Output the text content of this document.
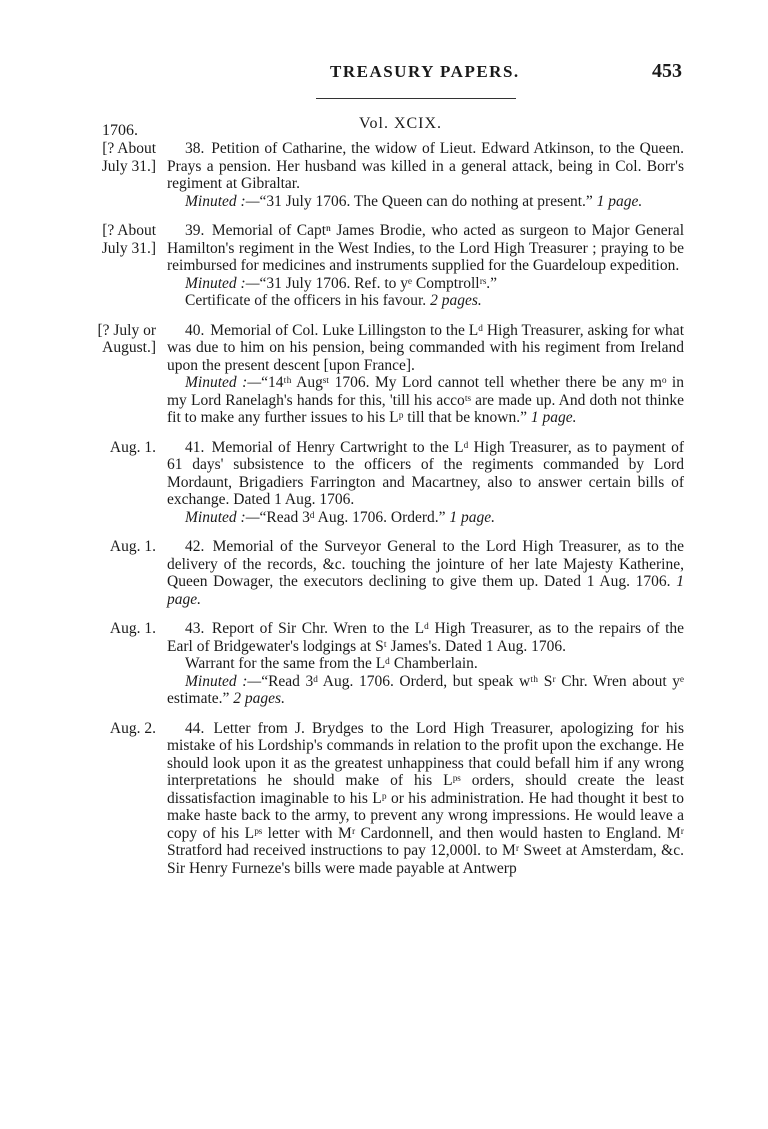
TREASURY PAPERS.	453
1706.	Vol. XCIX.
[? About July 31.]

38. Petition of Catharine, the widow of Lieut. Edward Atkinson, to the Queen. Prays a pension. Her husband was killed in a general attack, being in Col. Borr's regiment at Gibraltar.

Minuted :—“31 July 1706. The Queen can do nothing at present.” 1 page.

[? About July 31.]

39. Memorial of Captⁿ James Brodie, who acted as surgeon to Major General Hamilton's regiment in the West Indies, to the Lord High Treasurer ; praying to be reimbursed for medicines and instruments supplied for the Guardeloup expedition.

Minuted :—“31 July 1706. Ref. to yᵉ Comptrollʳˢ.”

Certificate of the officers in his favour. 2 pages.

[? July or August.]

40. Memorial of Col. Luke Lillingston to the Lᵈ High Treasurer, asking for what was due to him on his pension, being commanded with his regiment from Ireland upon the present descent [upon France].

Minuted :—“14ᵗʰ Augˢᵗ 1706. My Lord cannot tell whether there be any mᵒ in my Lord Ranelagh's hands for this, 'till his accoᵗˢ are made up. And doth not thinke fit to make any further issues to his Lᵖ till that be known.” 1 page.

Aug. 1.	41. Memorial of Henry Cartwright to the Lᵈ High Treasurer, as to payment of 61 days' subsistence to the officers of the regiments commanded by Lord Mordaunt, Brigadiers Farrington and Macartney, also to answer certain bills of exchange. Dated 1 Aug. 1706.

Minuted :—“Read 3ᵈ Aug. 1706. Orderd.” 1 page.

Aug. 1.	42. Memorial of the Surveyor General to the Lord High Treasurer, as to the delivery of the records, &c. touching the jointure of her late Majesty Katherine, Queen Dowager, the executors declining to give them up. Dated 1 Aug. 1706. 1 page.

Aug. 1.	43. Report of Sir Chr. Wren to the Lᵈ High Treasurer, as to the repairs of the Earl of Bridgewater's lodgings at Sᵗ James's. Dated 1 Aug. 1706.

Warrant for the same from the Lᵈ Chamberlain.

Minuted :—“Read 3ᵈ Aug. 1706. Orderd, but speak wᵗʰ Sʳ Chr. Wren about yᵉ estimate.” 2 pages.

Aug. 2.	44. Letter from J. Brydges to the Lord High Treasurer, apologizing for his mistake of his Lordship's commands in relation to the profit upon the exchange. He should look upon it as the greatest unhappiness that could befall him if any wrong interpretations he should make of his Lᵖˢ orders, should create the least dissatisfaction imaginable to his Lᵖ or his administration. He had thought it best to make haste back to the army, to prevent any wrong impressions. He would leave a copy of his Lᵖˢ letter with Mʳ Cardonnell, and then would hasten to England. Mʳ Stratford had received instructions to pay 12,000l. to Mʳ Sweet at Amsterdam, &c. Sir Henry Furneze's bills were made payable at Antwerp
